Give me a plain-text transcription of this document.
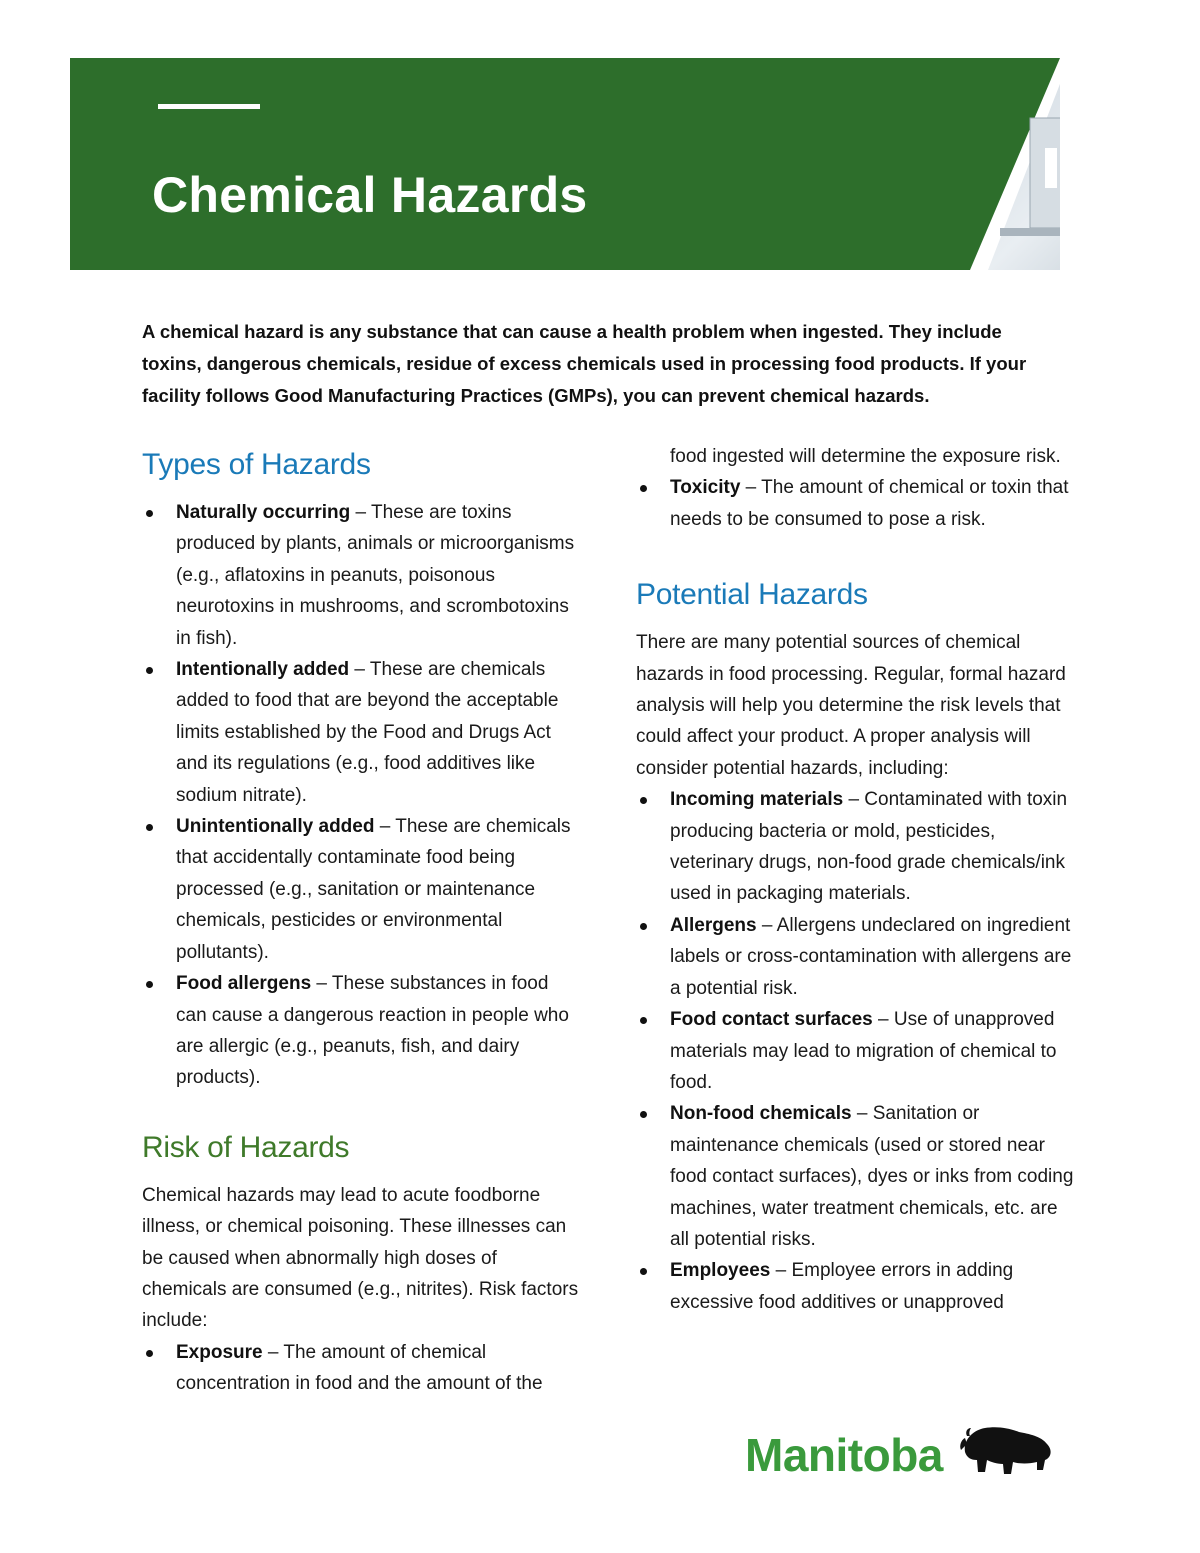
Chemical Hazards

A chemical hazard is any substance that can cause a health problem when ingested. They include toxins, dangerous chemicals, residue of excess chemicals used in processing food products. If your facility follows Good Manufacturing Practices (GMPs), you can prevent chemical hazards.

Types of Hazards
Naturally occurring – These are toxins produced by plants, animals or microorganisms (e.g., aflatoxins in peanuts, poisonous neurotoxins in mushrooms, and scrombotoxins in fish).
Intentionally added – These are chemicals added to food that are beyond the acceptable limits established by the Food and Drugs Act and its regulations (e.g., food additives like sodium nitrate).
Unintentionally added – These are chemicals that accidentally contaminate food being processed (e.g., sanitation or maintenance chemicals, pesticides or environmental pollutants).
Food allergens – These substances in food can cause a dangerous reaction in people who are allergic (e.g., peanuts, fish, and dairy products).
Risk of Hazards

Chemical hazards may lead to acute foodborne illness, or chemical poisoning. These illnesses can be caused when abnormally high doses of chemicals are consumed (e.g., nitrites). Risk factors include:

Exposure – The amount of chemical concentration in food and the amount of the
food ingested will determine the exposure risk.
Toxicity – The amount of chemical or toxin that needs to be consumed to pose a risk.
Potential Hazards

There are many potential sources of chemical hazards in food processing. Regular, formal hazard analysis will help you determine the risk levels that could affect your product. A proper analysis will consider potential hazards, including:

Incoming materials – Contaminated with toxin producing bacteria or mold, pesticides, veterinary drugs, non-food grade chemicals/ink used in packaging materials.
Allergens – Allergens undeclared on ingredient labels or cross-contamination with allergens are a potential risk.
Food contact surfaces – Use of unapproved materials may lead to migration of chemical to food.
Non-food chemicals – Sanitation or maintenance chemicals (used or stored near food contact surfaces), dyes or inks from coding machines, water treatment chemicals, etc. are all potential risks.
Employees – Employee errors in adding excessive food additives or unapproved
Manitoba
